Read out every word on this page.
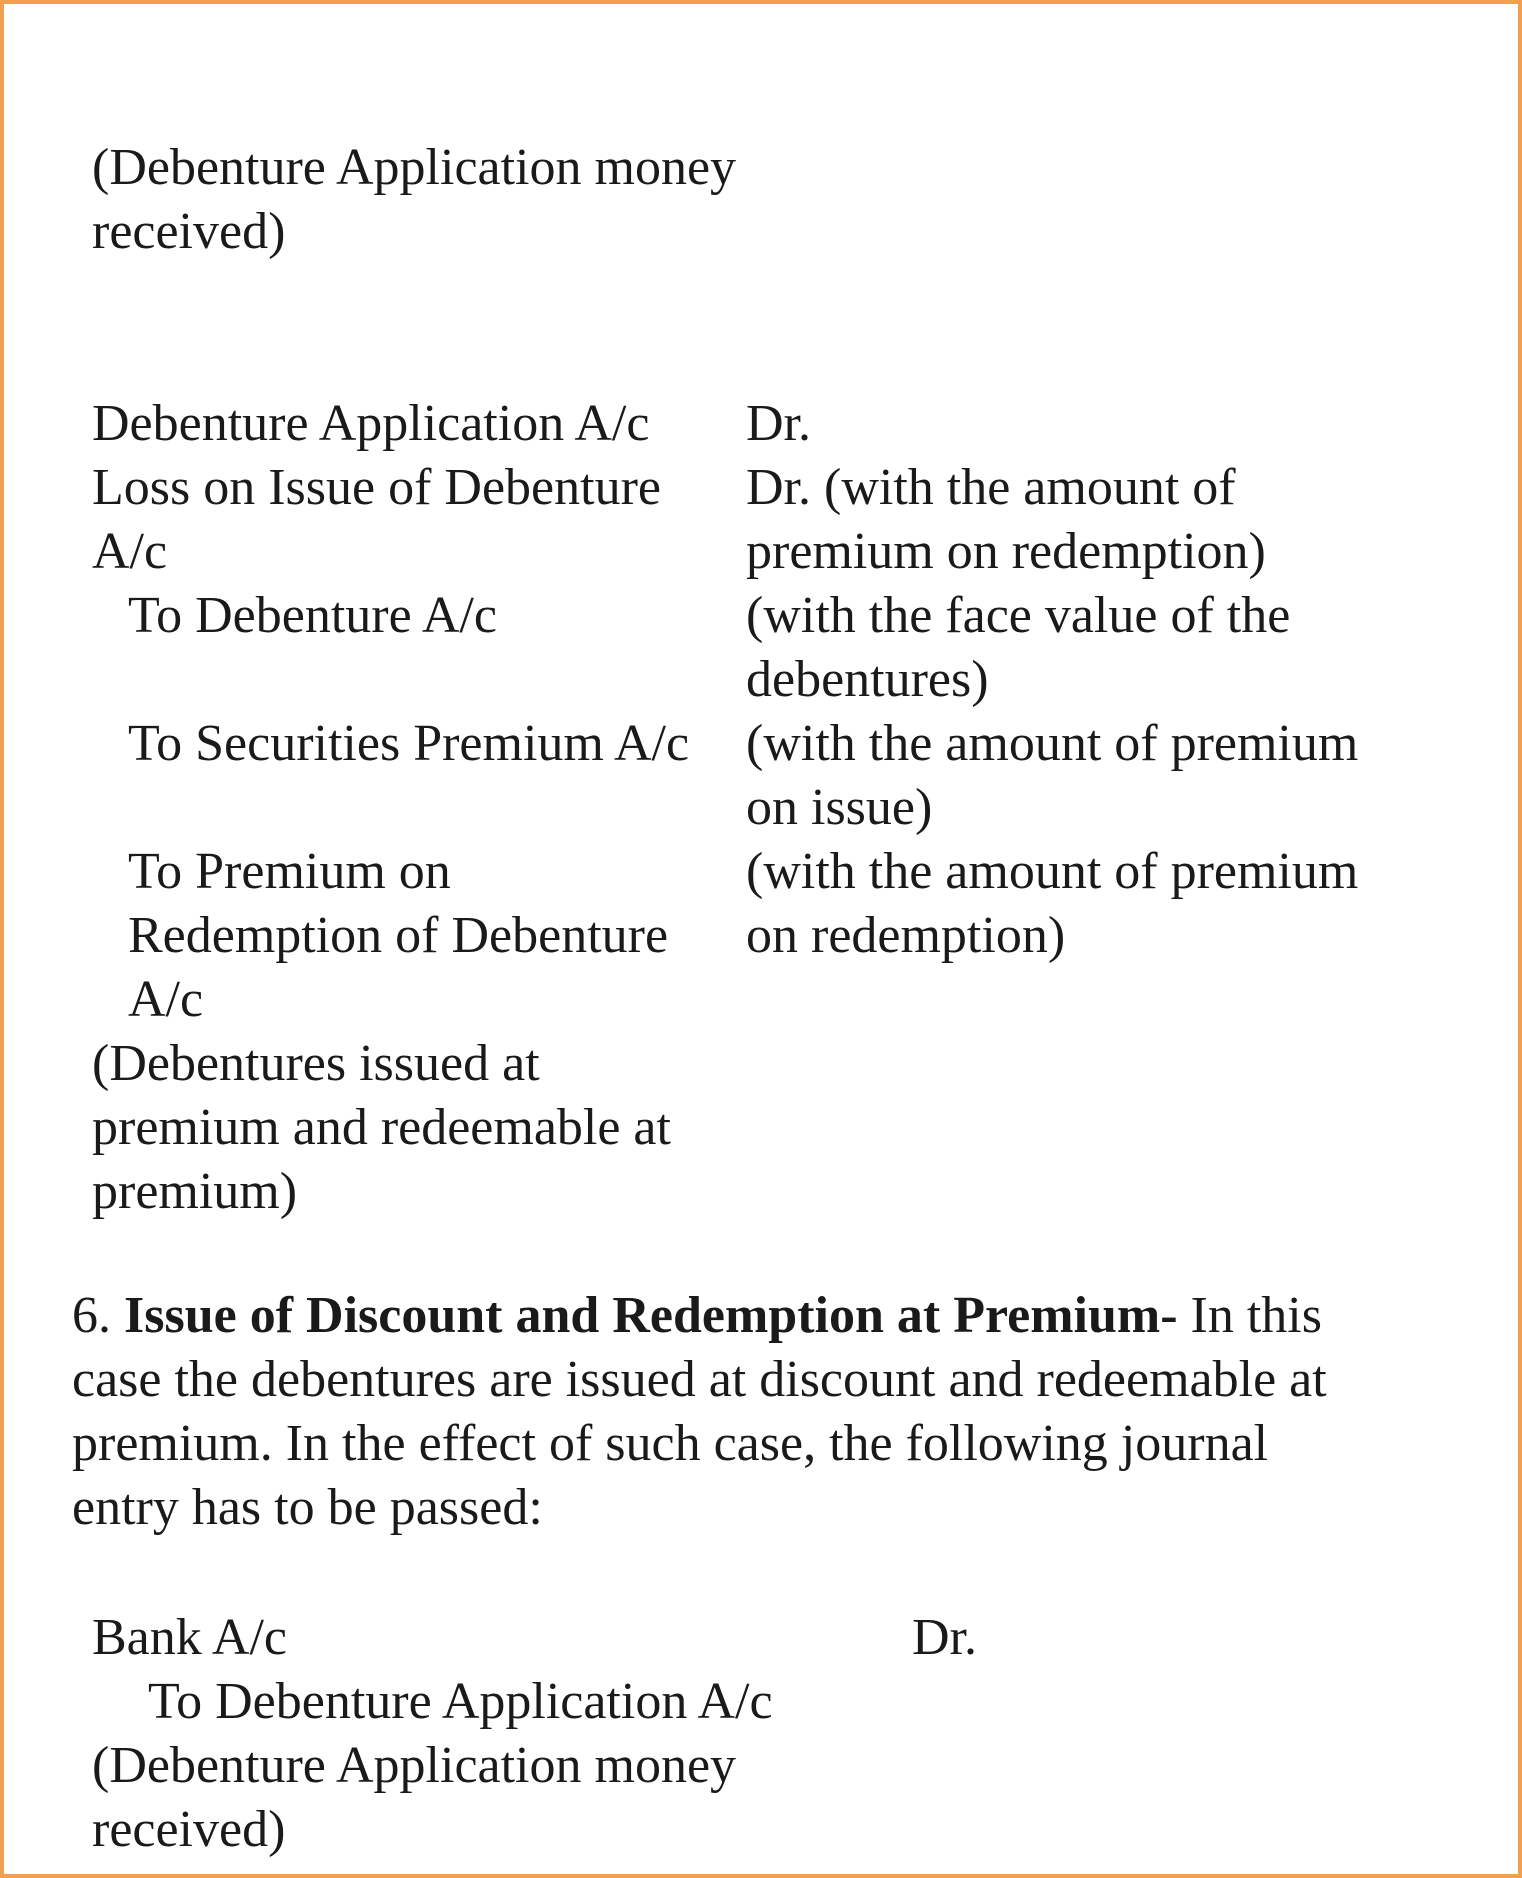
(Debenture Application money
received)
Debenture Application A/c
Loss on Issue of Debenture
A/c
To Debenture A/c
To Securities Premium A/c
To Premium on
Redemption of Debenture
A/c
(Debentures issued at
premium and redeemable at
premium)
Dr.
Dr. (with the amount of
premium on redemption)
(with the face value of the
debentures)
(with the amount of premium
on issue)
(with the amount of premium
on redemption)
6. Issue of Discount and Redemption at Premium- In this
case the debentures are issued at discount and redeemable at
premium. In the effect of such case, the following journal
entry has to be passed:
Bank A/c	Dr.
To Debenture Application A/c
(Debenture Application money
received)
